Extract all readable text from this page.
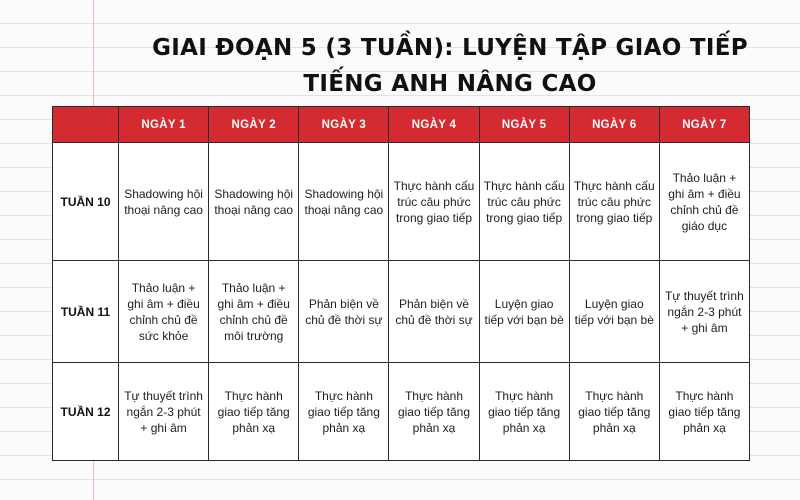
GIAI ĐOẠN 5 (3 TUẦN): LUYỆN TẬP GIAO TIẾP
TIẾNG ANH NÂNG CAO
	NGÀY 1	NGÀY 2	NGÀY 3	NGÀY 4	NGÀY 5	NGÀY 6	NGÀY 7
TUẦN 10	Shadowing hội thoại nâng cao	Shadowing hội thoại nâng cao	Shadowing hội thoại nâng cao	Thực hành cấu trúc câu phức trong giao tiếp	Thực hành cấu trúc câu phức trong giao tiếp	Thực hành cấu trúc câu phức trong giao tiếp	Thảo luận + ghi âm + điều chỉnh chủ đề giáo dục
TUẦN 11	Thảo luận + ghi âm + điều chỉnh chủ đề sức khỏe	Thảo luận + ghi âm + điều chỉnh chủ đề môi trường	Phản biện về chủ đề thời sự	Phản biện về chủ đề thời sự	Luyện giao tiếp với bạn bè	Luyện giao tiếp với bạn bè	Tự thuyết trình ngắn 2-3 phút + ghi âm
TUẦN 12	Tự thuyết trình ngắn 2-3 phút + ghi âm	Thực hành giao tiếp tăng phản xạ	Thực hành giao tiếp tăng phản xạ	Thực hành giao tiếp tăng phản xạ	Thực hành giao tiếp tăng phản xạ	Thực hành giao tiếp tăng phản xạ	Thực hành giao tiếp tăng phản xạ
